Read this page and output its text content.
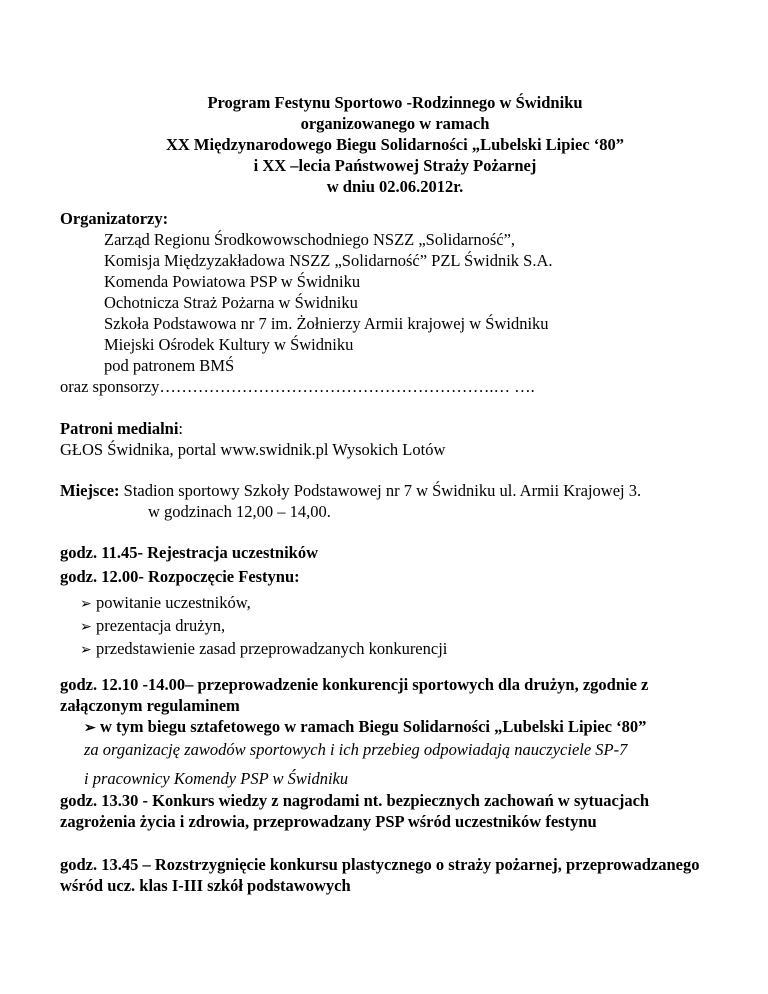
Program Festynu Sportowo -Rodzinnego w Świdniku
organizowanego w ramach
XX Międzynarodowego Biegu Solidarności „Lubelski Lipiec ‘80”
i XX –lecia Państwowej Straży Pożarnej
w dniu 02.06.2012r.
Organizatorzy:
Zarząd Regionu Środkowowschodniego NSZZ „Solidarność”,
Komisja Międzyzakładowa NSZZ „Solidarność” PZL Świdnik S.A.
Komenda Powiatowa PSP w Świdniku
Ochotnicza Straż Pożarna w Świdniku
Szkoła Podstawowa nr 7 im. Żołnierzy Armii krajowej w Świdniku
Miejski Ośrodek Kultury w Świdniku
pod patronem BMŚ
oraz sponsorzy…………………………………………………….… ….
Patroni medialni:
GŁOS Świdnika, portal www.swidnik.pl Wysokich Lotów
Miejsce: Stadion sportowy Szkoły Podstawowej nr 7 w Świdniku ul. Armii Krajowej 3.
w godzinach 12,00 – 14,00.
godz. 11.45- Rejestracja uczestników
godz. 12.00- Rozpoczęcie Festynu:
➢ powitanie uczestników,
➢ prezentacja drużyn,
➢ przedstawienie zasad przeprowadzanych konkurencji
godz. 12.10 -14.00– przeprowadzenie konkurencji sportowych dla drużyn, zgodnie z załączonym regulaminem
➢ w tym biegu sztafetowego w ramach Biegu Solidarności „Lubelski Lipiec ‘80”
za organizację zawodów sportowych i ich przebieg odpowiadają nauczyciele SP-7
i pracownicy Komendy PSP w Świdniku
godz. 13.30 - Konkurs wiedzy z nagrodami nt. bezpiecznych zachowań w sytuacjach zagrożenia życia i zdrowia, przeprowadzany PSP wśród uczestników festynu
godz. 13.45 – Rozstrzygnięcie konkursu plastycznego o straży pożarnej, przeprowadzanego wśród ucz. klas I-III szkół podstawowych
